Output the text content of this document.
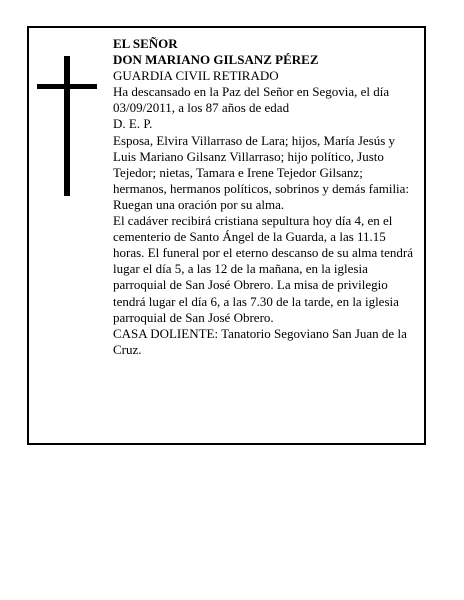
EL SEÑOR

DON MARIANO GILSANZ PÉREZ

GUARDIA CIVIL RETIRADO

Ha descansado en la Paz del Señor en Segovia, el día 03/09/2011, a los 87 años de edad

D. E. P.

Esposa, Elvira Villarraso de Lara; hijos, María Jesús y Luis Mariano Gilsanz Villarraso; hijo político, Justo Tejedor; nietas, Tamara e Irene Tejedor Gilsanz; hermanos, hermanos políticos, sobrinos y demás familia:

Ruegan una oración por su alma.

El cadáver recibirá cristiana sepultura hoy día 4, en el cementerio de Santo Ángel de la Guarda, a las 11.15 horas. El funeral por el eterno descanso de su alma tendrá lugar el día 5, a las 12 de la mañana, en la iglesia parroquial de San José Obrero. La misa de privilegio tendrá lugar el día 6, a las 7.30 de la tarde, en la iglesia parroquial de San José Obrero.

CASA DOLIENTE: Tanatorio Segoviano San Juan de la Cruz.
